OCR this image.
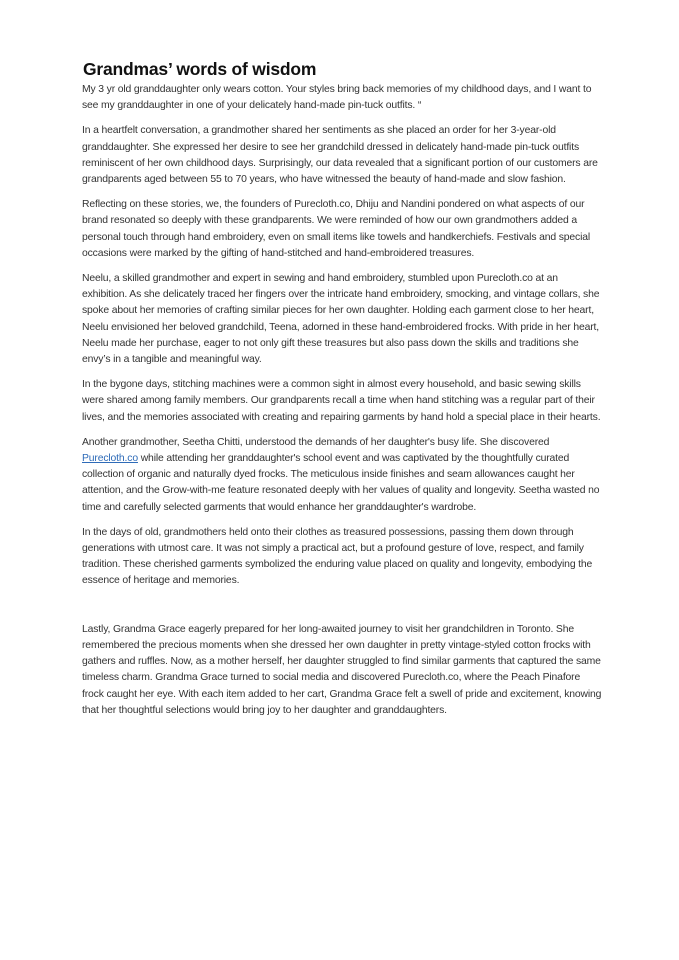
Grandmas’ words of wisdom

My 3 yr old granddaughter only wears cotton. Your styles bring back memories of my childhood days, and I want to see my granddaughter in one of your delicately hand-made pin-tuck outfits. “

In a heartfelt conversation, a grandmother shared her sentiments as she placed an order for her 3-year-old granddaughter. She expressed her desire to see her grandchild dressed in delicately hand-made pin-tuck outfits reminiscent of her own childhood days. Surprisingly, our data revealed that a significant portion of our customers are grandparents aged between 55 to 70 years, who have witnessed the beauty of hand-made and slow fashion.

Reflecting on these stories, we, the founders of Purecloth.co, Dhiju and Nandini pondered on what aspects of our brand resonated so deeply with these grandparents. We were reminded of how our own grandmothers added a personal touch through hand embroidery, even on small items like towels and handkerchiefs. Festivals and special occasions were marked by the gifting of hand-stitched and hand-embroidered treasures.

Neelu, a skilled grandmother and expert in sewing and hand embroidery, stumbled upon Purecloth.co at an exhibition. As she delicately traced her fingers over the intricate hand embroidery, smocking, and vintage collars, she spoke about her memories of crafting similar pieces for her own daughter. Holding each garment close to her heart, Neelu envisioned her beloved grandchild, Teena, adorned in these hand-embroidered frocks. With pride in her heart, Neelu made her purchase, eager to not only gift these treasures but also pass down the skills and traditions she envy’s in a tangible and meaningful way.

In the bygone days, stitching machines were a common sight in almost every household, and basic sewing skills were shared among family members. Our grandparents recall a time when hand stitching was a regular part of their lives, and the memories associated with creating and repairing garments by hand hold a special place in their hearts.

Another grandmother, Seetha Chitti, understood the demands of her daughter's busy life. She discovered Purecloth.co while attending her granddaughter's school event and was captivated by the thoughtfully curated collection of organic and naturally dyed frocks. The meticulous inside finishes and seam allowances caught her attention, and the Grow-with-me feature resonated deeply with her values of quality and longevity. Seetha wasted no time and carefully selected garments that would enhance her granddaughter's wardrobe.

In the days of old, grandmothers held onto their clothes as treasured possessions, passing them down through generations with utmost care. It was not simply a practical act, but a profound gesture of love, respect, and family tradition. These cherished garments symbolized the enduring value placed on quality and longevity, embodying the essence of heritage and memories.

Lastly, Grandma Grace eagerly prepared for her long-awaited journey to visit her grandchildren in Toronto. She remembered the precious moments when she dressed her own daughter in pretty vintage-styled cotton frocks with gathers and ruffles. Now, as a mother herself, her daughter struggled to find similar garments that captured the same timeless charm. Grandma Grace turned to social media and discovered Purecloth.co, where the Peach Pinafore frock caught her eye. With each item added to her cart, Grandma Grace felt a swell of pride and excitement, knowing that her thoughtful selections would bring joy to her daughter and granddaughters.
